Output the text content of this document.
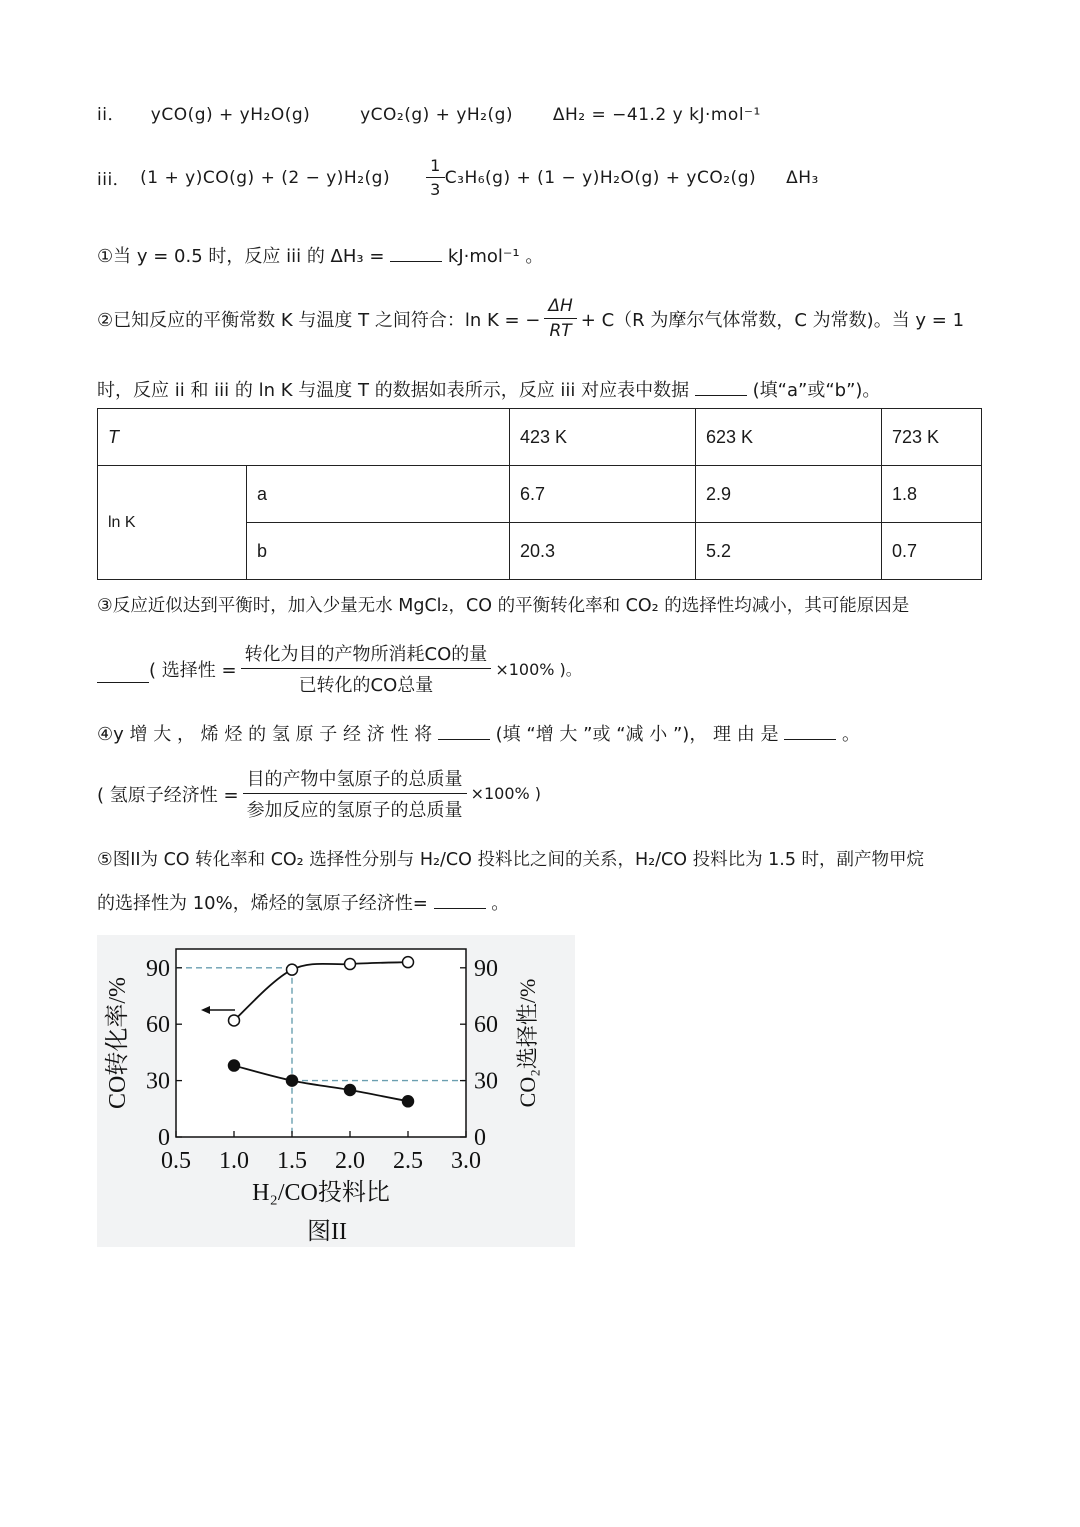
ii． yCO(g) + yH₂O(g)	yCO₂(g) + yH₂(g) ΔH₂ = −41.2 y kJ·mol⁻¹
iii． $(1 + y)CO(g) + (2 - y)H_2(g) \frac{1}{3} C_3H_6(g) + (1 - y)H_2O(g) + yCO_2(g)$ ΔH₃
①当 y = 0.5 时，反应 iii 的 ΔH₃ =	kJ·mol⁻¹ 。
②已知反应的平衡常数 K 与温度 T 之间符合：ln K = − $\frac{\Delta H}{RT} + C(R$ 为摩尔气体常数，C 为常数)。当 y = 1
时，反应 ii 和 iii 的 ln K 与温度 T 的数据如表所示，反应 iii 对应表中数据	(填“a”或“b”)。
T		423 K	623 K	723 K
ln K	a	6.7	2.9	1.8
	b	20.3	5.2	0.7
③反应近似达到平衡时，加入少量无水 MgCl₂，CO 的平衡转化率和 CO₂ 的选择性均减小，其可能原因是
( 选择性 = $\frac{\text{转化为目的产物所消耗CO的量}}{\text{已转化的CO总量}} \times 100\%$ )。
④y 增 大 ， 烯 烃 的 氢 原 子 经 济 性 将	(填 “增 大 ”或 “减 小 ”)， 理 由 是	。
( 氢原子经济性 = $\frac{\text{目的产物中氢原子的总质量}}{\text{参加反应的氢原子的总质量}} \times 100\%$ )
⑤图II为 CO 转化率和 CO₂ 选择性分别与 H₂/CO 投料比之间的关系，H₂/CO 投料比为 1.5 时，副产物甲烷
的选择性为 10%，烯烃的氢原子经济性=	。
0.5 1.0 1.5 2.0 2.5 3.0
0	0
30	30
60	60
90	90
CO转化率/%	CO₂选择性/%
H₂/CO投料比
图II
